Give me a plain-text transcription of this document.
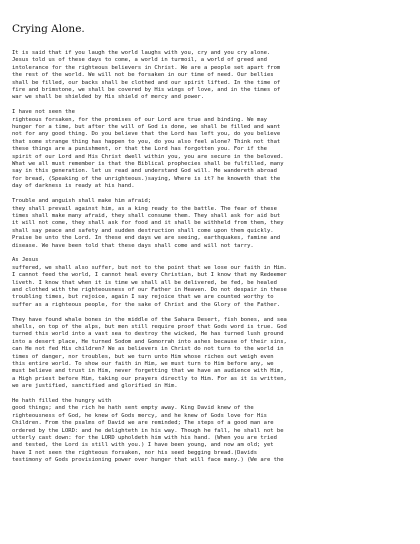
Crying Alone.

It is said that if you laugh the world laughs with you, cry and you cry alone.
Jesus told us of these days to come, a world in turmoil, a world of greed and
intolerance for the righteous believers in Christ. We are a people set apart from
the rest of the world. We will not be forsaken in our time of need. Our bellies
shall be filled, our backs shall be clothed and our spirit lifted. In the time of
fire and brimstone, we shall be covered by His wings of love, and in the times of
war we shall be shielded by His shield of mercy and power.

I have not seen the
righteous forsaken, for the promises of our Lord are true and binding. We may
hunger for a time, but after the will of God is done, we shall be filled and want
not for any good thing. Do you believe that the Lord has left you, do you believe
that some strange thing has happen to you, do you also feel alone? Think not that
these things are a punishment, or that the Lord has forgotten you. For if the
spirit of our Lord and His Christ dwell within you, you are secure in the beloved.
What we all must remember is that the Biblical prophecies shall be fulfilled, many
say in this generation. let us read and understand God will. He wandereth abroad
for bread, (Speaking of the unrighteous.)saying, Where is it? he knoweth that the
day of darkness is ready at his hand.

Trouble and anguish shall make him afraid;
they shall prevail against him, as a king ready to the battle. The fear of these
times shall make many afraid, they shall consume them. They shall ask for aid but
it will not come, they shall ask for food and it shall be withheld from them, they
shall say peace and safety and sudden destruction shall come upon them quickly.
Praise be unto the Lord. In these end days we are seeing, earthquakes, famine and
disease. We have been told that these days shall come and will not tarry.

As Jesus
suffered, we shall also suffer, but not to the point that we lose our faith in Him.
I cannot feed the world, I cannot heal every Christian, but I know that my Redeemer
liveth. I know that when it is time we shall all be delivered, be fed, be healed
and clothed with the righteousness of our Father in Heaven. Do not despair in these
troubling times, but rejoice, again I say rejoice that we are counted worthy to
suffer as a righteous people, for the sake of Christ and the Glory of the Father.

They have found whale bones in the middle of the Sahara Desert, fish bones, and sea
shells, on top of the alps, but men still require proof that Gods word is true. God
turned this world into a vast sea to destroy the wicked, He has turned lush ground
into a desert place, He turned Sodom and Gomorrah into ashes because of their sins,
can He not fed His children? We as believers in Christ do not turn to the world in
times of danger, nor troubles, but we turn unto Him whose riches out weigh even
this entire world. To show our faith in Him, we must turn to Him before any, we
must believe and trust in Him, never forgetting that we have an audience with Him,
a High priest before Him, taking our prayers directly to Him. For as it is written,
we are justified, sanctified and glorified in Him.

He hath filled the hungry with
good things; and the rich he hath sent empty away. King David knew of the
righteousness of God, he knew of Gods mercy, and he knew of Gods love for His
Children. From the psalms of David we are reminded; The steps of a good man are
ordered by the LORD: and he delighteth in his way. Though he fall, he shall not be
utterly cast down: for the LORD upholdeth him with his hand. (When you are tried
and tested, the Lord is still with you.) I have been young, and now am old; yet
have I not seen the righteous forsaken, nor his seed begging bread.(Davids
testimony of Gods provisioning power over hunger that will face many.) (We are the
